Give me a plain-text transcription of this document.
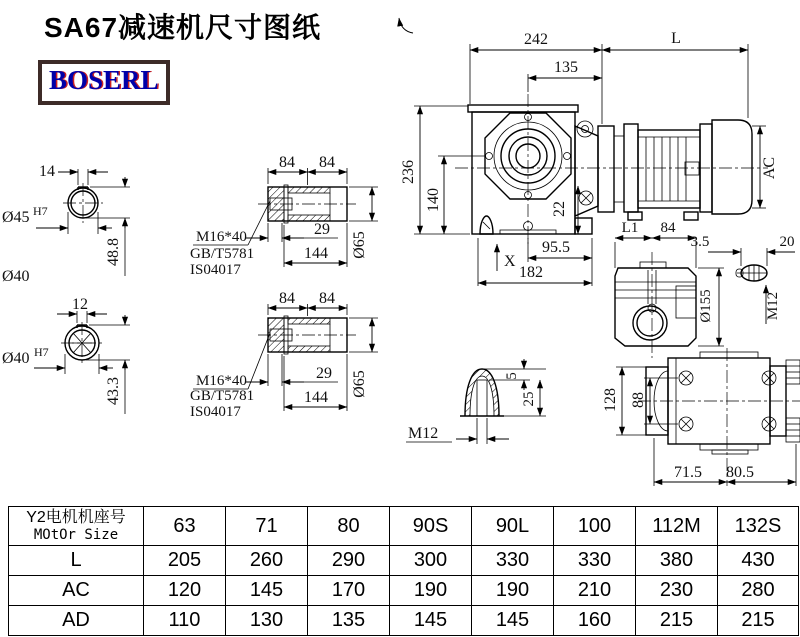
SA67减速机尺寸图纸
BOSERL
242	L
135
236
140	22
95.5
182
X
AC
14
Ø45 H7
48.8
Ø40
12
Ø40 H7
43.3
84 84
29
144 Ø65
M16*40
GB/T5781
IS04017
84 84
29
144 Ø65
M16*40
GB/T5781
IS04017
L1 84
Ø155
3.5	20
M12
5
25
M12
128 88
71.5 80.5
Y2电机机座号
MOtOr Size	63	71	80	90S	90L	100	112M	132S
L	205	260	290	300	330	330	380	430
AC	120	145	170	190	190	210	230	280
AD	110	130	135	145	145	160	215	215
